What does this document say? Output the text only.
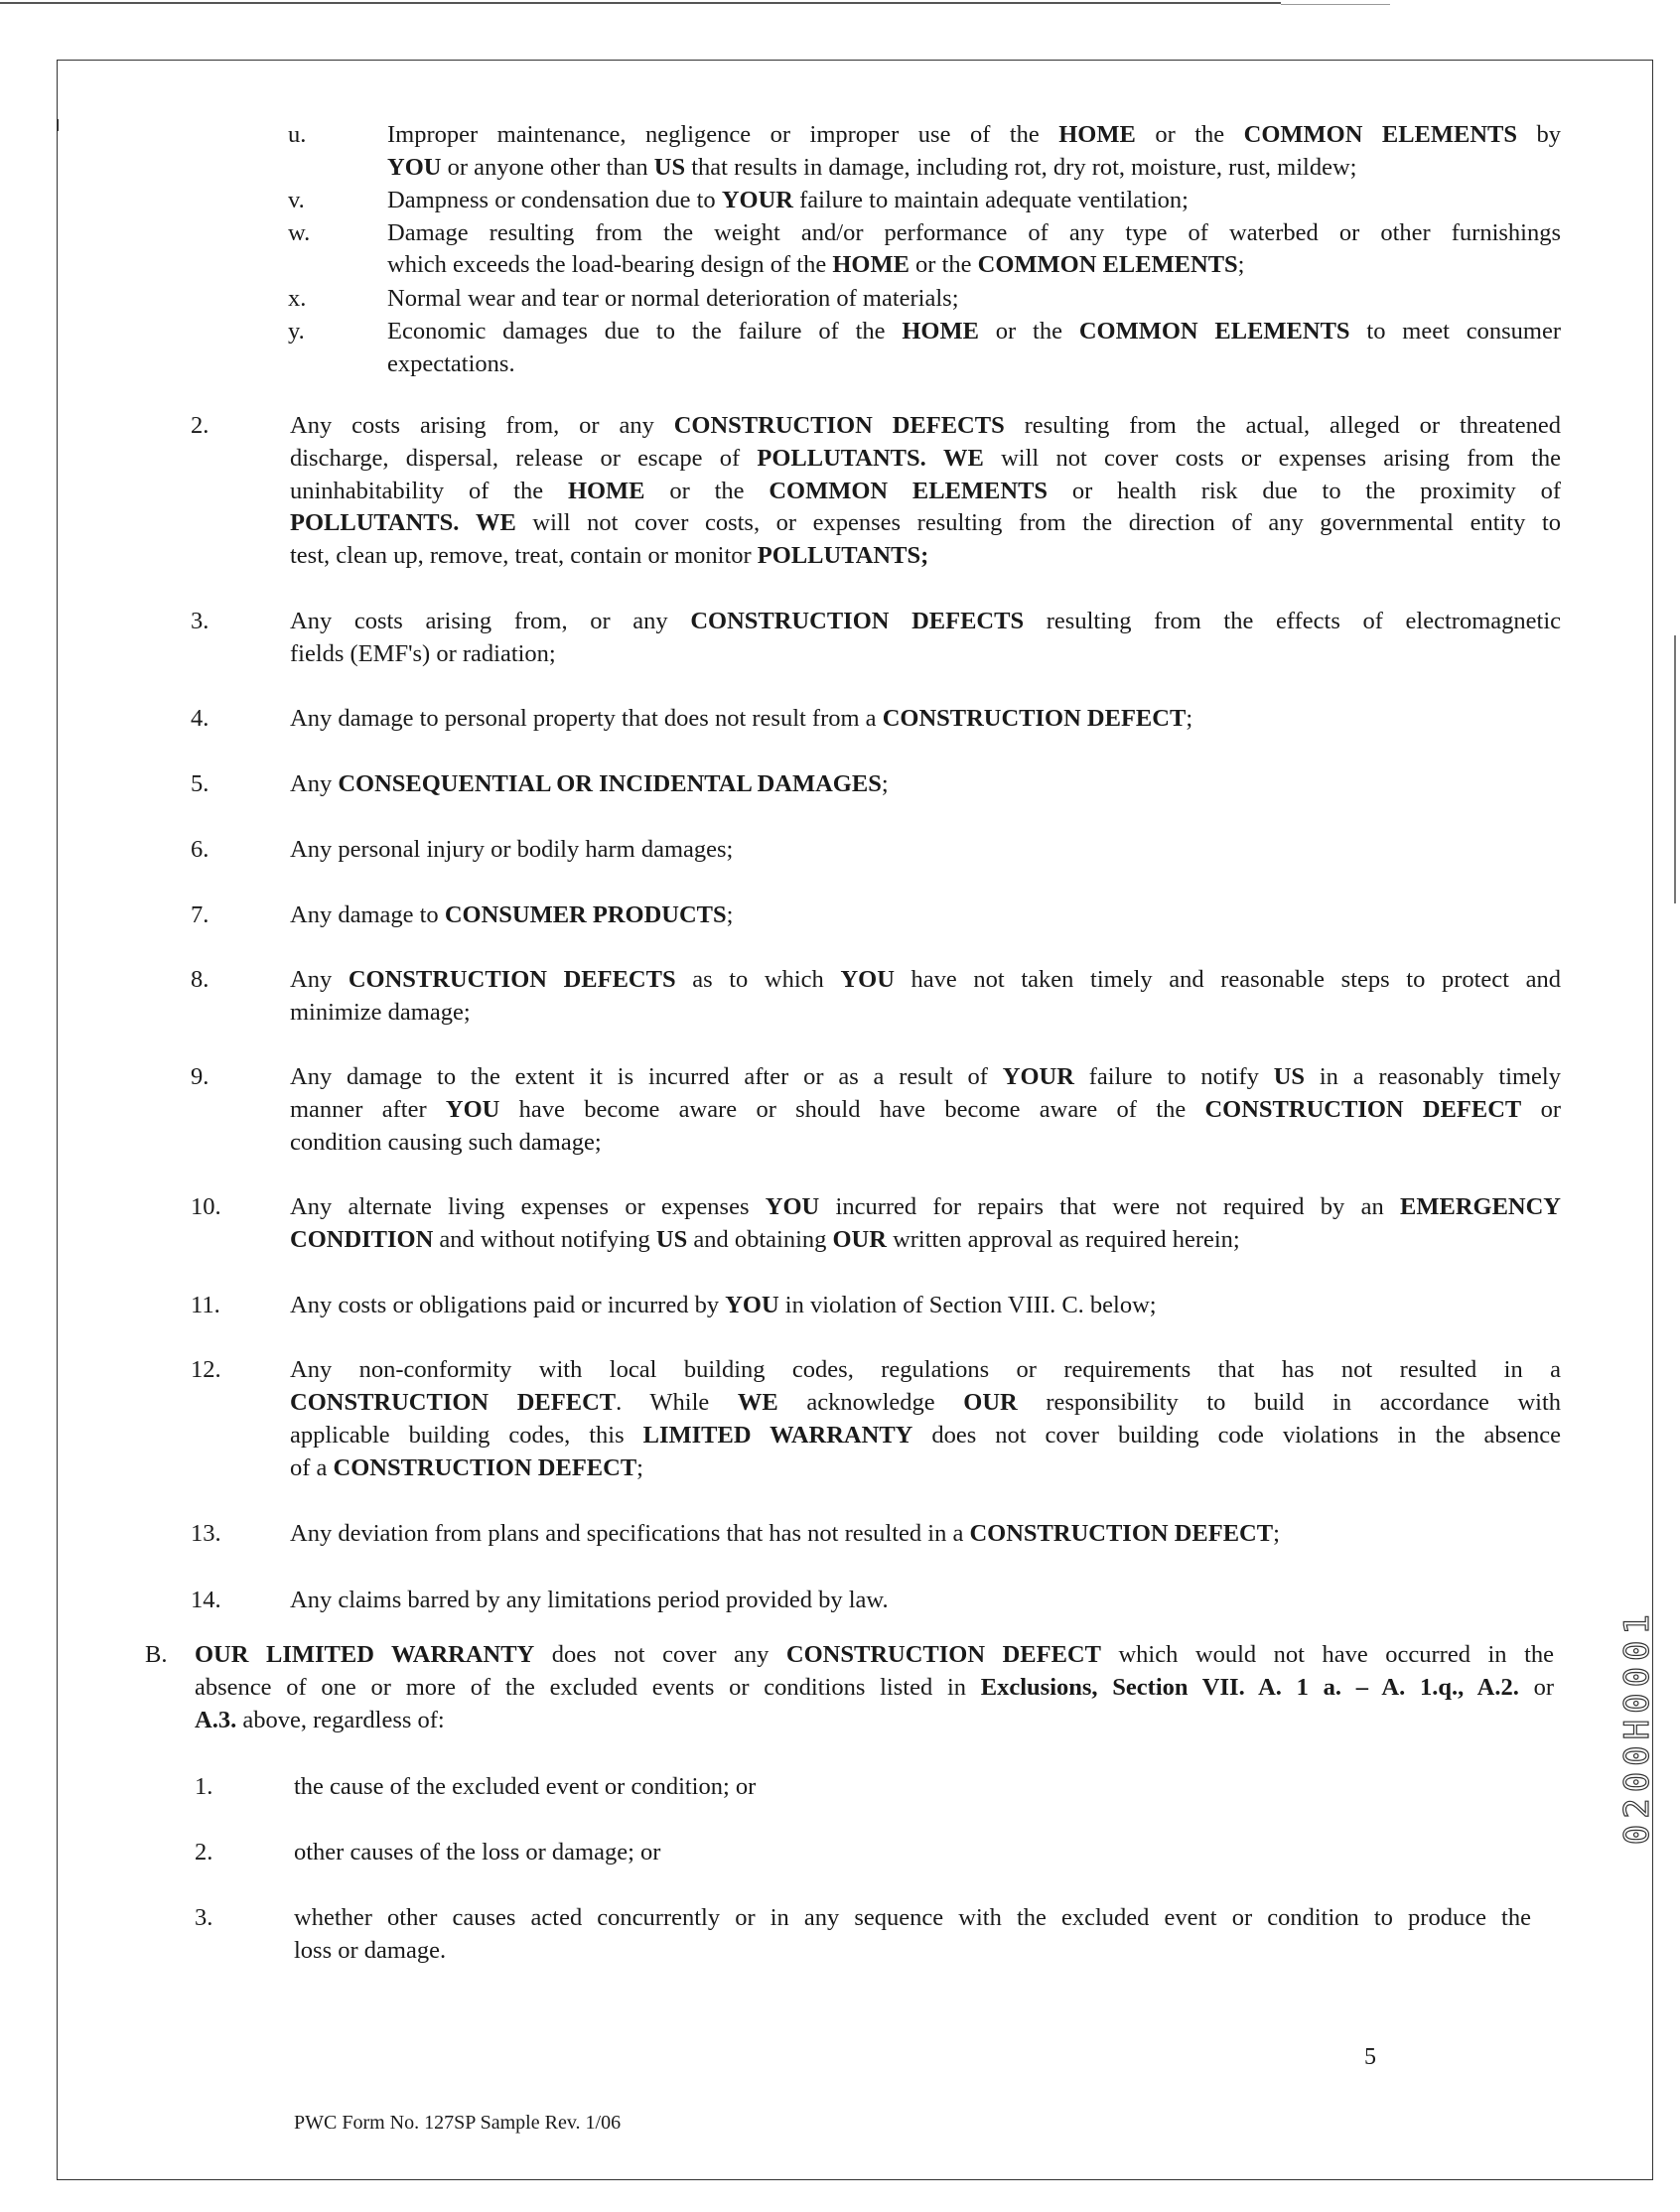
u.	Improper maintenance, negligence or improper use of the HOME or the COMMON ELEMENTS by

YOU or anyone other than US that results in damage, including rot, dry rot, moisture, rust, mildew;

v.	Dampness or condensation due to YOUR failure to maintain adequate ventilation;

w.	Damage resulting from the weight and/or performance of any type of waterbed or other furnishings

which exceeds the load-bearing design of the HOME or the COMMON ELEMENTS;

x.	Normal wear and tear or normal deterioration of materials;

y.	Economic damages due to the failure of the HOME or the COMMON ELEMENTS to meet consumer

expectations.

2.	Any costs arising from, or any CONSTRUCTION DEFECTS resulting from the actual, alleged or threatened

discharge, dispersal, release or escape of POLLUTANTS. WE will not cover costs or expenses arising from the

uninhabitability of the HOME or the COMMON ELEMENTS or health risk due to the proximity of

POLLUTANTS. WE will not cover costs, or expenses resulting from the direction of any governmental entity to

test, clean up, remove, treat, contain or monitor POLLUTANTS;

3.	Any costs arising from, or any CONSTRUCTION DEFECTS resulting from the effects of electromagnetic

fields (EMF's) or radiation;

4.	Any damage to personal property that does not result from a CONSTRUCTION DEFECT;

5.	Any CONSEQUENTIAL OR INCIDENTAL DAMAGES;

6.	Any personal injury or bodily harm damages;

7.	Any damage to CONSUMER PRODUCTS;

8.	Any CONSTRUCTION DEFECTS as to which YOU have not taken timely and reasonable steps to protect and

minimize damage;

9.	Any damage to the extent it is incurred after or as a result of YOUR failure to notify US in a reasonably timely

manner after YOU have become aware or should have become aware of the CONSTRUCTION DEFECT or

condition causing such damage;

10.	Any alternate living expenses or expenses YOU incurred for repairs that were not required by an EMERGENCY

CONDITION and without notifying US and obtaining OUR written approval as required herein;

11.	Any costs or obligations paid or incurred by YOU in violation of Section VIII. C. below;

12.	Any non-conformity with local building codes, regulations or requirements that has not resulted in a

CONSTRUCTION DEFECT. While WE acknowledge OUR responsibility to build in accordance with

applicable building codes, this LIMITED WARRANTY does not cover building code violations in the absence

of a CONSTRUCTION DEFECT;

13.	Any deviation from plans and specifications that has not resulted in a CONSTRUCTION DEFECT;

14.	Any claims barred by any limitations period provided by law.

B. OUR LIMITED WARRANTY does not cover any CONSTRUCTION DEFECT which would not have occurred in the

absence of one or more of the excluded events or conditions listed in Exclusions, Section VII. A. 1 a. – A. 1.q., A.2. or

A.3. above, regardless of:

1.	the cause of the excluded event or condition; or

2.	other causes of the loss or damage; or

3.	whether other causes acted concurrently or in any sequence with the excluded event or condition to produce the

loss or damage.

0200H0001
5
PWC Form No. 127SP Sample Rev. 1/06
